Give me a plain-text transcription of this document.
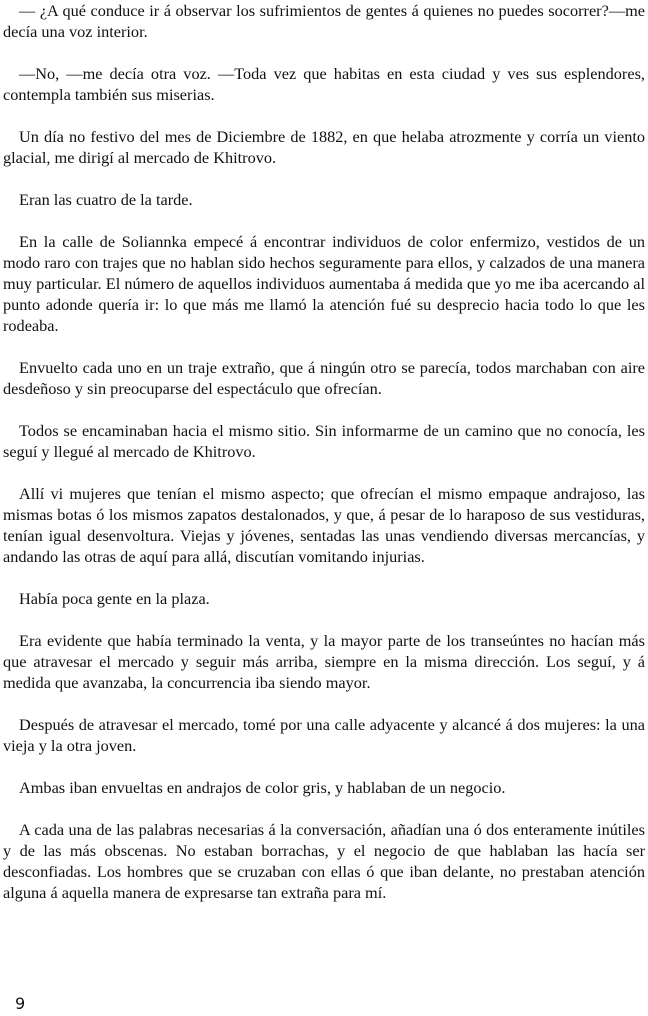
— ¿A qué conduce ir á observar los sufrimientos de gentes á quienes no puedes socorrer?—me decía una voz interior.

—No, —me decía otra voz. —Toda vez que habitas en esta ciudad y ves sus esplendores, contempla también sus miserias.

Un día no festivo del mes de Diciembre de 1882, en que helaba atrozmente y corría un viento glacial, me dirigí al mercado de Khitrovo.

Eran las cuatro de la tarde.

En la calle de Soliannka empecé á encontrar individuos de color enfermizo, vestidos de un modo raro con trajes que no hablan sido hechos seguramente para ellos, y calzados de una manera muy particular. El número de aquellos individuos aumentaba á medida que yo me iba acercando al punto adonde quería ir: lo que más me llamó la atención fué su desprecio hacia todo lo que les rodeaba.

Envuelto cada uno en un traje extraño, que á ningún otro se parecía, todos marchaban con aire desdeñoso y sin preocuparse del espectáculo que ofrecían.

Todos se encaminaban hacia el mismo sitio. Sin informarme de un camino que no conocía, les seguí y llegué al mercado de Khitrovo.

Allí vi mujeres que tenían el mismo aspecto; que ofrecían el mismo empaque andrajoso, las mismas botas ó los mismos zapatos destalonados, y que, á pesar de lo haraposo de sus vestiduras, tenían igual desenvoltura. Viejas y jóvenes, sentadas las unas vendiendo diversas mercancías, y andando las otras de aquí para allá, discutían vomitando injurias.

Había poca gente en la plaza.

Era evidente que había terminado la venta, y la mayor parte de los transeúntes no hacían más que atravesar el mercado y seguir más arriba, siempre en la misma dirección. Los seguí, y á medida que avanzaba, la concurrencia iba siendo mayor.

Después de atravesar el mercado, tomé por una calle adyacente y alcancé á dos mujeres: la una vieja y la otra joven.

Ambas iban envueltas en andrajos de color gris, y hablaban de un negocio.

A cada una de las palabras necesarias á la conversación, añadían una ó dos enteramente inútiles y de las más obscenas. No estaban borrachas, y el negocio de que hablaban las hacía ser desconfiadas. Los hombres que se cruzaban con ellas ó que iban delante, no prestaban atención alguna á aquella manera de expresarse tan extraña para mí.

9
